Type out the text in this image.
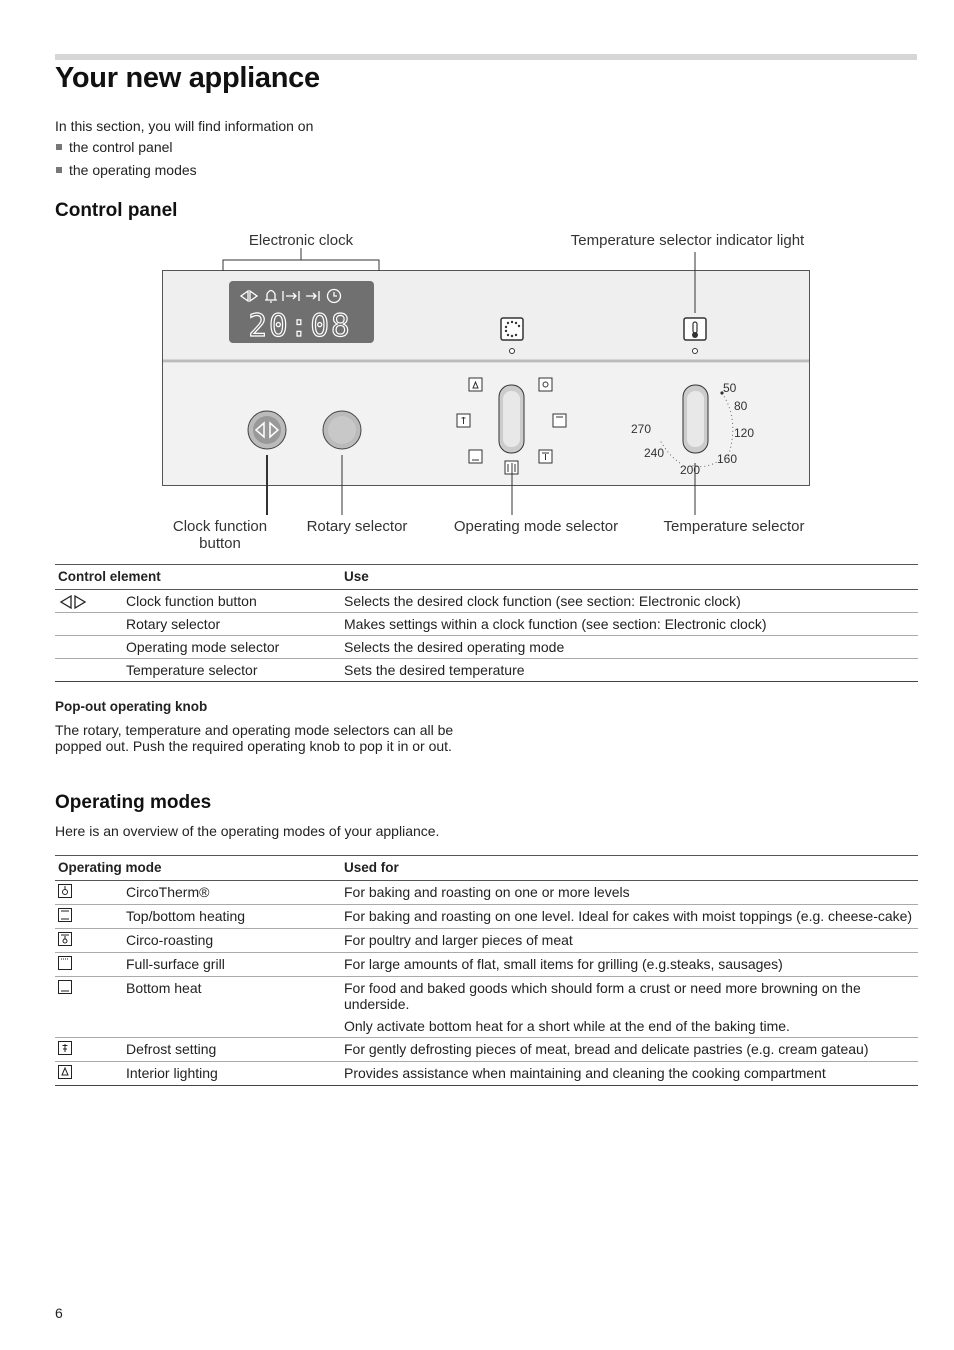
Your new appliance

In this section, you will find information on

the control panel
the operating modes
Control panel
20:08
50
80
120
160
200
240
270
Electronic clock	Temperature selector indicator light
Clock function
button
Rotary selector	Operating mode selector	Temperature selector
Control element		Use
	Clock function button	Selects the desired clock function (see section: Electronic clock)
	Rotary selector	Makes settings within a clock function (see section: Electronic clock)
	Operating mode selector	Selects the desired operating mode
	Temperature selector	Sets the desired temperature
Pop-out operating knob

The rotary, temperature and operating mode selectors can all be popped out. Push the required operating knob to pop it in or out.

Operating modes

Here is an overview of the operating modes of your appliance.

Operating mode		Used for
	CircoTherm®	For baking and roasting on one or more levels
	Top/bottom heating	For baking and roasting on one level. Ideal for cakes with moist toppings (e.g. cheese-cake)
	Circo-roasting	For poultry and larger pieces of meat
	Full-surface grill	For large amounts of flat, small items for grilling (e.g.steaks, sausages)
	Bottom heat	For food and baked goods which should form a crust or need more browning on the underside.
Only activate bottom heat for a short while at the end of the baking time.

	Defrost setting	For gently defrosting pieces of meat, bread and delicate pastries (e.g. cream gateau)
	Interior lighting	Provides assistance when maintaining and cleaning the cooking compartment
6
